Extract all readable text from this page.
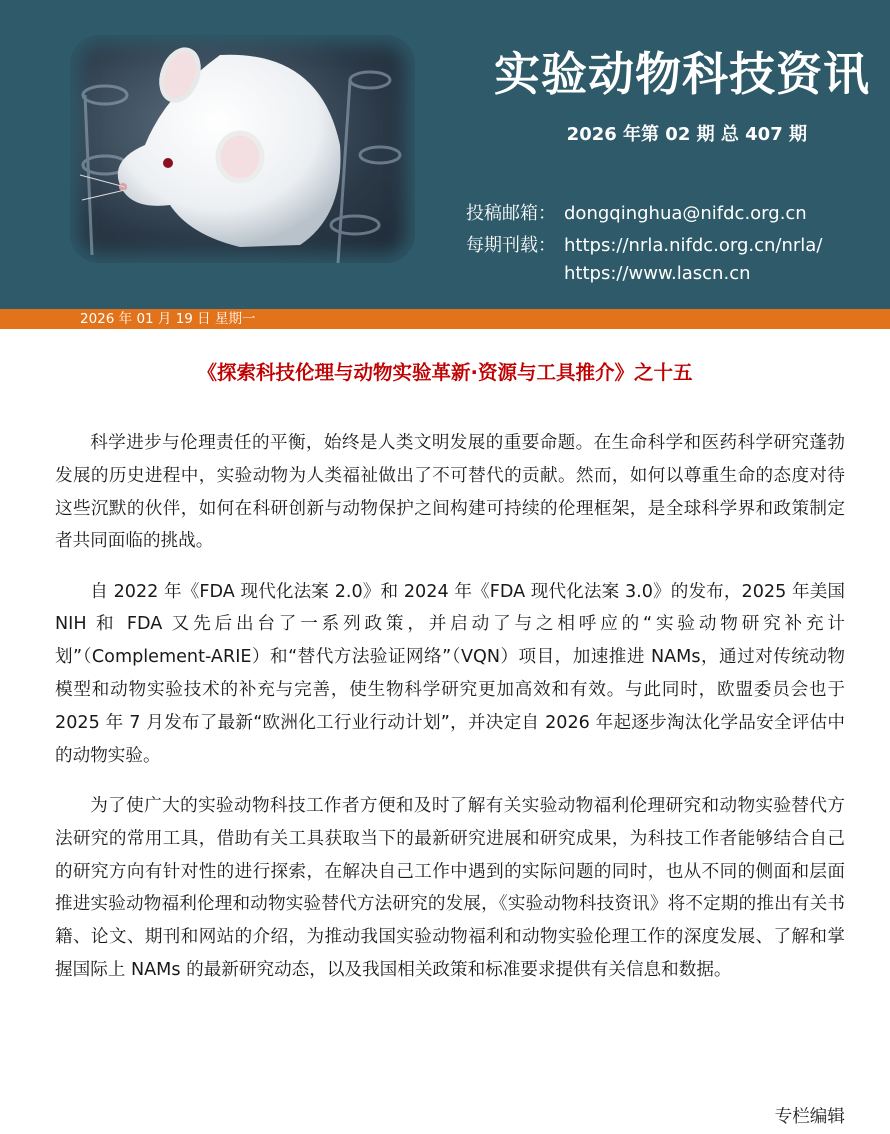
实验动物科技资讯
2026 年第 02 期 总 407 期
投稿邮箱： dongqinghua@nifdc.org.cn
每期刊载： https://nrla.nifdc.org.cn/nrla/
https://www.lascn.cn
2026 年 01 月 19 日 星期一
《探索科技伦理与动物实验革新·资源与工具推介》之十五

科学进步与伦理责任的平衡，始终是人类文明发展的重要命题。在生命科学和医药科学研究蓬勃发展的历史进程中，实验动物为人类福祉做出了不可替代的贡献。然而，如何以尊重生命的态度对待这些沉默的伙伴，如何在科研创新与动物保护之间构建可持续的伦理框架，是全球科学界和政策制定者共同面临的挑战。

自 2022 年《FDA 现代化法案 2.0》和 2024 年《FDA 现代化法案 3.0》的发布，2025 年美国 NIH 和 FDA 又先后出台了一系列政策，并启动了与之相呼应的“实验动物研究补充计划”（Complement-ARIE）和“替代方法验证网络”（VQN）项目，加速推进 NAMs，通过对传统动物模型和动物实验技术的补充与完善，使生物科学研究更加高效和有效。与此同时，欧盟委员会也于 2025 年 7 月发布了最新“欧洲化工行业行动计划”，并决定自 2026 年起逐步淘汰化学品安全评估中的动物实验。

为了使广大的实验动物科技工作者方便和及时了解有关实验动物福利伦理研究和动物实验替代方法研究的常用工具，借助有关工具获取当下的最新研究进展和研究成果，为科技工作者能够结合自己的研究方向有针对性的进行探索，在解决自己工作中遇到的实际问题的同时，也从不同的侧面和层面推进实验动物福利伦理和动物实验替代方法研究的发展，《实验动物科技资讯》将不定期的推出有关书籍、论文、期刊和网站的介绍，为推动我国实验动物福利和动物实验伦理工作的深度发展、了解和掌握国际上 NAMs 的最新研究动态，以及我国相关政策和标准要求提供有关信息和数据。

专栏编辑
